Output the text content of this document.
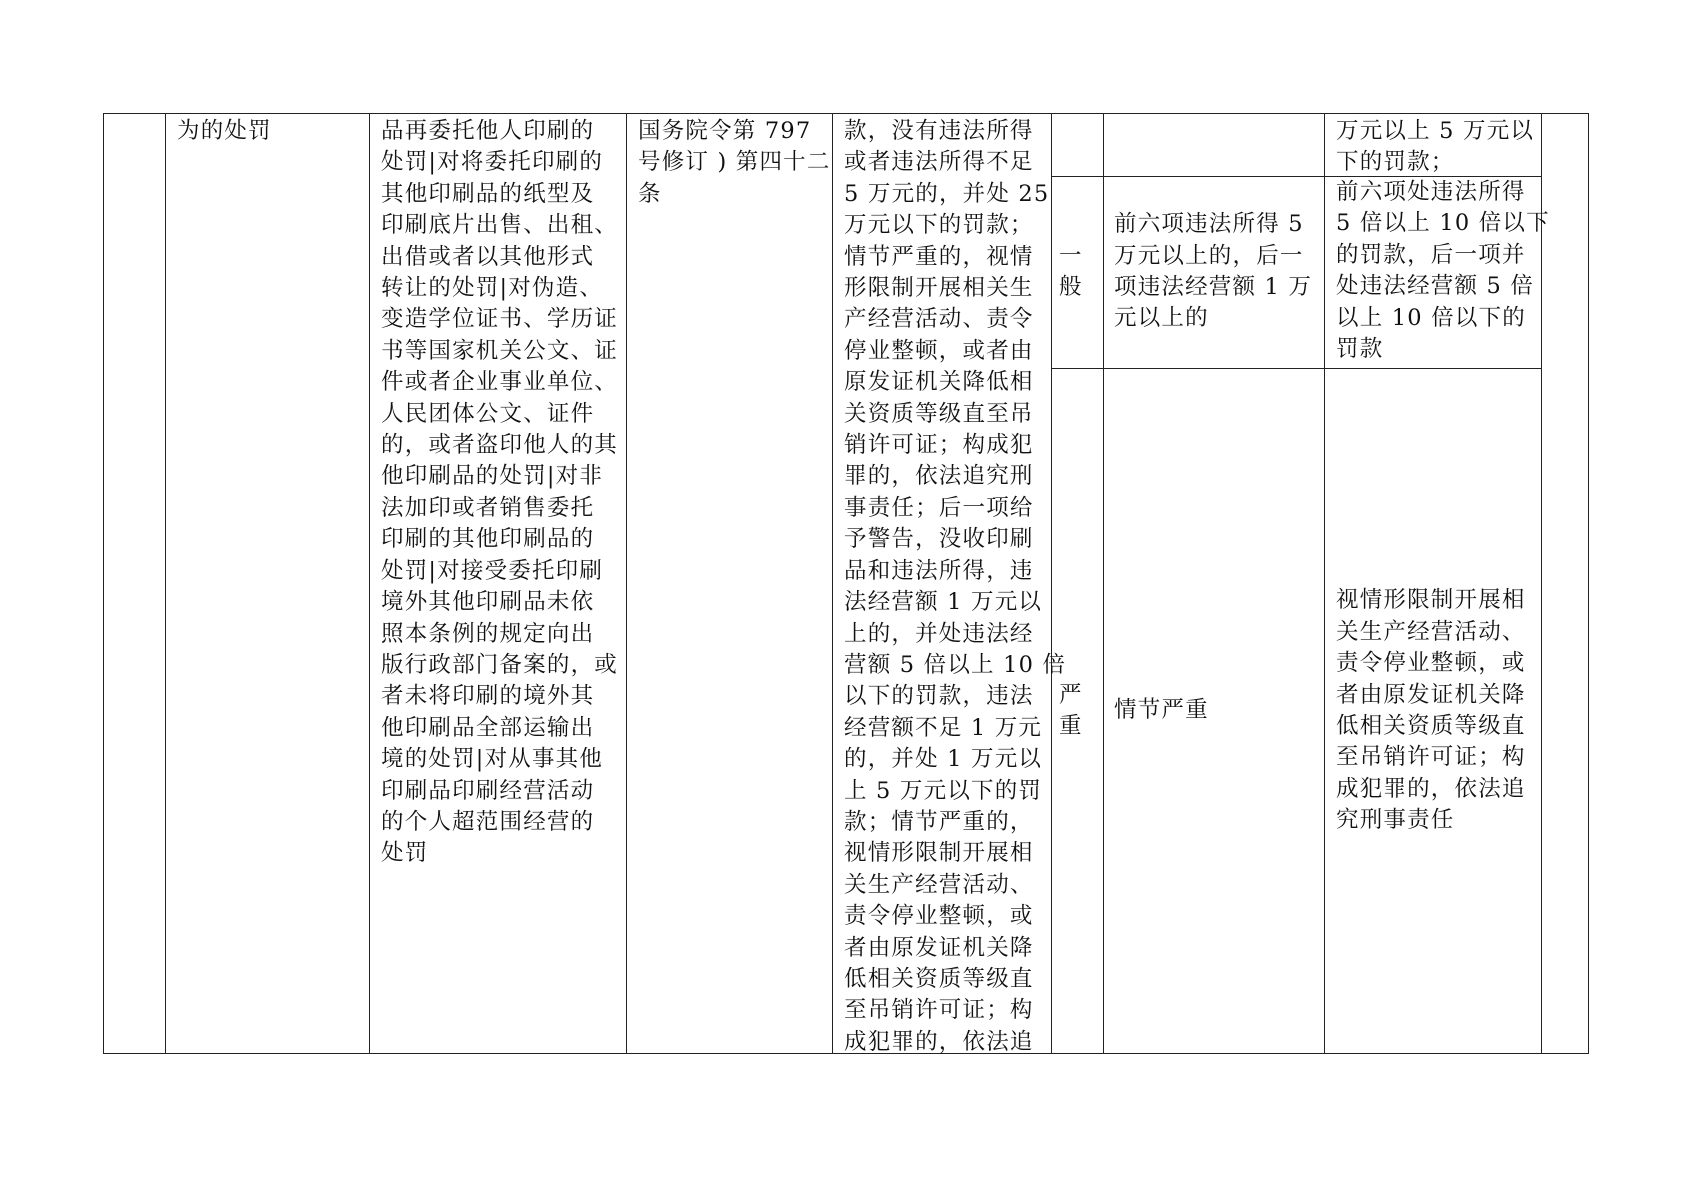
为的处罚	品再委托他人印刷的
处罚|对将委托印刷的
其他印刷品的纸型及
印刷底片出售、出租、
出借或者以其他形式
转让的处罚|对伪造、
变造学位证书、学历证
书等国家机关公文、证
件或者企业事业单位、
人民团体公文、证件
的，或者盗印他人的其
他印刷品的处罚|对非
法加印或者销售委托
印刷的其他印刷品的
处罚|对接受委托印刷
境外其他印刷品未依
照本条例的规定向出
版行政部门备案的，或
者未将印刷的境外其
他印刷品全部运输出
境的处罚|对从事其他
印刷品印刷经营活动
的个人超范围经营的
处罚
国务院令第 797
号修订 ) 第四十二
条
款，没有违法所得
或者违法所得不足
5 万元的，并处 25
万元以下的罚款；
情节严重的，视情
形限制开展相关生
产经营活动、责令
停业整顿，或者由
原发证机关降低相
关资质等级直至吊
销许可证；构成犯
罪的，依法追究刑
事责任；后一项给
予警告，没收印刷
品和违法所得，违
法经营额 1 万元以
上的，并处违法经
营额 5 倍以上 10 倍
以下的罚款，违法
经营额不足 1 万元
的，并处 1 万元以
上 5 万元以下的罚
款；情节严重的，
视情形限制开展相
关生产经营活动、
责令停业整顿，或
者由原发证机关降
低相关资质等级直
至吊销许可证；构
成犯罪的，依法追
万元以上 5 万元以
下的罚款；
一
般
前六项违法所得 5
万元以上的，后一
项违法经营额 1 万
元以上的
前六项处违法所得
5 倍以上 10 倍以下
的罚款，后一项并
处违法经营额 5 倍
以上 10 倍以下的
罚款
严
重
情节严重
视情形限制开展相
关生产经营活动、
责令停业整顿，或
者由原发证机关降
低相关资质等级直
至吊销许可证；构
成犯罪的，依法追
究刑事责任
